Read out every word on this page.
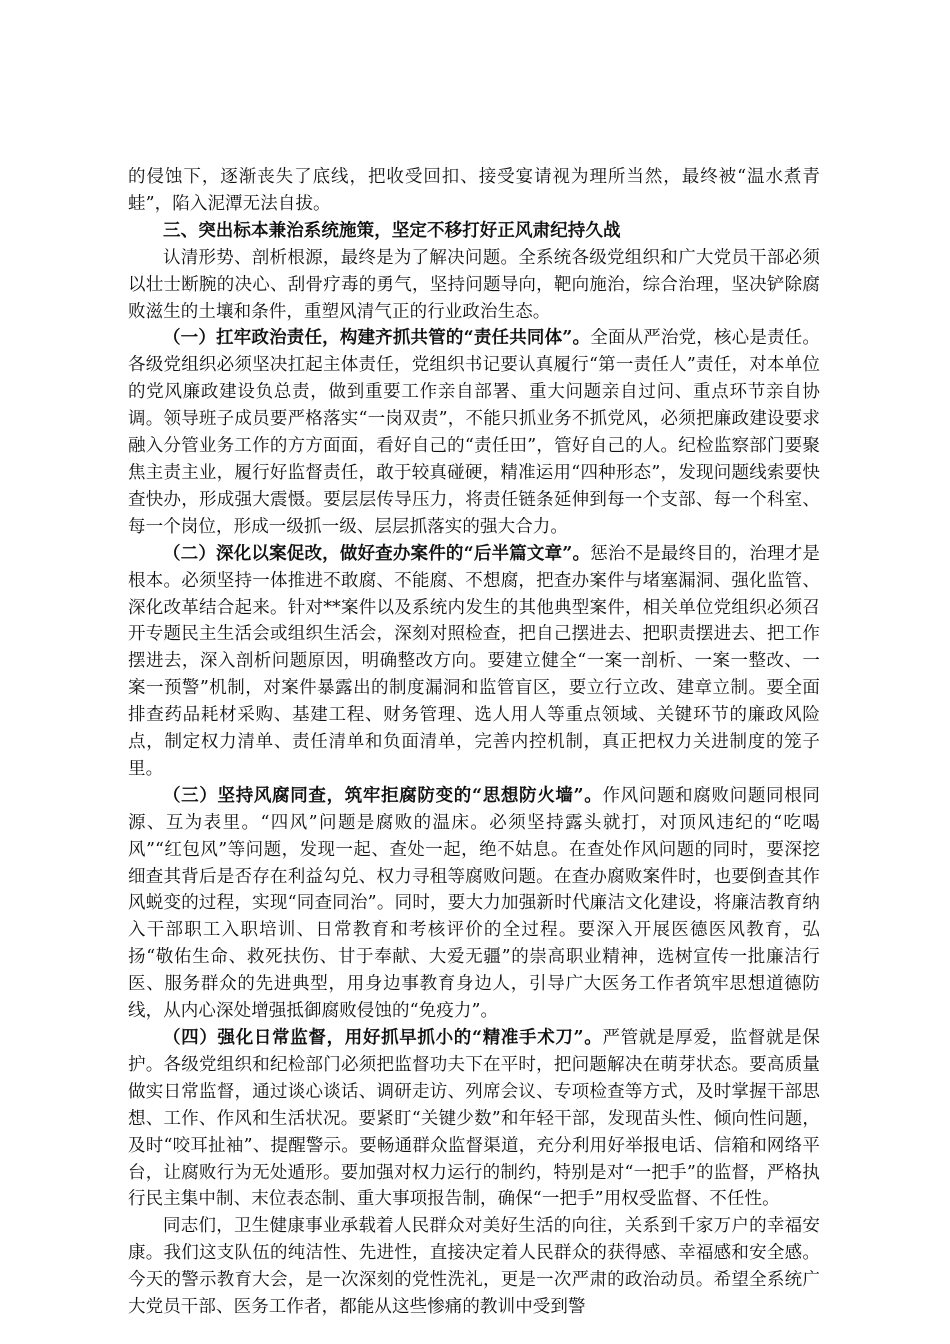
的侵蚀下，逐渐丧失了底线，把收受回扣、接受宴请视为理所当然，最终被“温水煮青蛙”，陷入泥潭无法自拔。

三、突出标本兼治系统施策，坚定不移打好正风肃纪持久战

认清形势、剖析根源，最终是为了解决问题。全系统各级党组织和广大党员干部必须以壮士断腕的决心、刮骨疗毒的勇气，坚持问题导向，靶向施治，综合治理，坚决铲除腐败滋生的土壤和条件，重塑风清气正的行业政治生态。

（一）扛牢政治责任，构建齐抓共管的“责任共同体”。全面从严治党，核心是责任。各级党组织必须坚决扛起主体责任，党组织书记要认真履行“第一责任人”责任，对本单位的党风廉政建设负总责，做到重要工作亲自部署、重大问题亲自过问、重点环节亲自协调。领导班子成员要严格落实“一岗双责”，不能只抓业务不抓党风，必须把廉政建设要求融入分管业务工作的方方面面，看好自己的“责任田”，管好自己的人。纪检监察部门要聚焦主责主业，履行好监督责任，敢于较真碰硬，精准运用“四种形态”，发现问题线索要快查快办，形成强大震慑。要层层传导压力，将责任链条延伸到每一个支部、每一个科室、每一个岗位，形成一级抓一级、层层抓落实的强大合力。

（二）深化以案促改，做好查办案件的“后半篇文章”。惩治不是最终目的，治理才是根本。必须坚持一体推进不敢腐、不能腐、不想腐，把查办案件与堵塞漏洞、强化监管、深化改革结合起来。针对**案件以及系统内发生的其他典型案件，相关单位党组织必须召开专题民主生活会或组织生活会，深刻对照检查，把自己摆进去、把职责摆进去、把工作摆进去，深入剖析问题原因，明确整改方向。要建立健全“一案一剖析、一案一整改、一案一预警”机制，对案件暴露出的制度漏洞和监管盲区，要立行立改、建章立制。要全面排查药品耗材采购、基建工程、财务管理、选人用人等重点领域、关键环节的廉政风险点，制定权力清单、责任清单和负面清单，完善内控机制，真正把权力关进制度的笼子里。

（三）坚持风腐同查，筑牢拒腐防变的“思想防火墙”。作风问题和腐败问题同根同源、互为表里。“四风”问题是腐败的温床。必须坚持露头就打，对顶风违纪的“吃喝风”“红包风”等问题，发现一起、查处一起，绝不姑息。在查处作风问题的同时，要深挖细查其背后是否存在利益勾兑、权力寻租等腐败问题。在查办腐败案件时，也要倒查其作风蜕变的过程，实现“同查同治”。同时，要大力加强新时代廉洁文化建设，将廉洁教育纳入干部职工入职培训、日常教育和考核评价的全过程。要深入开展医德医风教育，弘扬“敬佑生命、救死扶伤、甘于奉献、大爱无疆”的崇高职业精神，选树宣传一批廉洁行医、服务群众的先进典型，用身边事教育身边人，引导广大医务工作者筑牢思想道德防线，从内心深处增强抵御腐败侵蚀的“免疫力”。

（四）强化日常监督，用好抓早抓小的“精准手术刀”。严管就是厚爱，监督就是保护。各级党组织和纪检部门必须把监督功夫下在平时，把问题解决在萌芽状态。要高质量做实日常监督，通过谈心谈话、调研走访、列席会议、专项检查等方式，及时掌握干部思想、工作、作风和生活状况。要紧盯“关键少数”和年轻干部，发现苗头性、倾向性问题，及时“咬耳扯袖”、提醒警示。要畅通群众监督渠道，充分利用好举报电话、信箱和网络平台，让腐败行为无处遁形。要加强对权力运行的制约，特别是对“一把手”的监督，严格执行民主集中制、末位表态制、重大事项报告制，确保“一把手”用权受监督、不任性。

同志们，卫生健康事业承载着人民群众对美好生活的向往，关系到千家万户的幸福安康。我们这支队伍的纯洁性、先进性，直接决定着人民群众的获得感、幸福感和安全感。今天的警示教育大会，是一次深刻的党性洗礼，更是一次严肃的政治动员。希望全系统广大党员干部、医务工作者，都能从这些惨痛的教训中受到警
